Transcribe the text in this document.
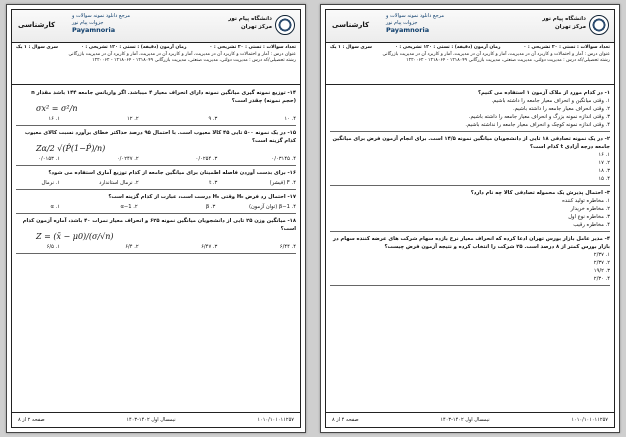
کارشناسی
مرجع دانلود نمونه سوالات و جزوات پیام نور
Payamnoria
دانشگاه پیام نور
مرکز تهران
تعداد سوالات : تستی : ۲۰ تشریحی : ۰
زمان آزمون (دقیقه) : تستی : ۱۲۰ تشریحی : ۰
سری سوال : ۱ یک
عنوان درس : آمار و احتمالات و کاربرد آن در مدیریت، آمار و کاربرد آن در مدیریت، آمار و کاربرد آن در مدیریت بازرگانی
رشته تحصیلی/کد درس : مدیریت دولتی، مدیریت صنعتی، مدیریت بازرگانی ۱۲۱۸۰۴۹ - ۱۲۱۸۰۶۴ - ۱۲۲۰۰۶۲
۱۴- توزیع نمونه گیری میانگین نمونه دارای انحراف معیار ۴ میباشد. اگر واریانس جامعه ۱۴۴ باشد مقدار n (حجم نمونه) چقدر است؟
σx² = σ²/n
۱. ۱۶	۲. ۱۲	۳. ۹	۴. ۱۰
۱۵- در یک نمونه ۵۰۰ تایی ۴۵ کالا معیوب است. با احتمال ۹۵ درصد حداکثر خطای برآورد نسبت کالای معیوب کدام گزینه است؟
Zα/2 √(P̂(1−P̂)/n)
۱. ۰/۰۱۵۳	۲. ۰/۰۲۴۷	۳. ۰/۰۲۵۴	۴. ۰/۰۳۱۴۵
۱۶- برای بدست آوردن فاصله اطمینان برای میانگین جامعه از کدام توزیع آماری استفاده می شود؟
۱. نرمال	۲. نرمال استاندارد	۳. t	۴. F (فیشر)
۱۷- احتمال رد فرض H₀ وقتی H₀ درست است، عبارت از کدام گزینه است؟
۱. α	۲. 1−α	۳. β	۴. 1−β (توان آزمون)
۱۸- میانگین وزن ۲۵ تایی از دانشجویان میانگین نمونه ۶۲۵ و انحراف معیار نمرات ۴۰ باشد، آماره آزمون کدام است؟
Z = (x̄ − μ0)/(σ/√n)
۱. ۶/۵	۲. ۶/۴	۳. ۶/۴۷	۴. ۶/۴۴
۱۰۱۰/۱۰۱۰۱۱۲۵۷
نیمسال اول ۱۴۰۲-۱۴۰۳
صفحه ۲ از ۸
کارشناسی
مرجع دانلود نمونه سوالات و جزوات پیام نور
Payamnoria
دانشگاه پیام نور
مرکز تهران
تعداد سوالات : تستی : ۲۰ تشریحی : ۰
زمان آزمون (دقیقه) : تستی : ۱۲۰ تشریحی : ۰
سری سوال : ۱ یک
عنوان درس : آمار و احتمالات و کاربرد آن در مدیریت، آمار و کاربرد آن در مدیریت، آمار و کاربرد آن در مدیریت بازرگانی
رشته تحصیلی/کد درس : مدیریت دولتی، مدیریت صنعتی، مدیریت بازرگانی ۱۲۱۸۰۴۹ - ۱۲۱۸۰۶۴ - ۱۲۲۰۰۶۲
۱- در کدام مورد از ملاک آزمون ۱ استفاده می کنیم؟
۱. وقتی میانگین و انحراف معیار جامعه را داشته باشیم.
۲. وقتی انحراف معیار جامعه را داشته باشیم.
۳. وقتی اندازه نمونه بزرگ و انحراف معیار جامعه را داشته باشیم.
۴. وقتی اندازه نمونه کوچک و انحراف معیار جامعه را نداشته باشیم.
۲- در یک نمونه تصادفی ۱۸ تایی از دانشجویان میانگین نمونه ۱۴/۵ است. برای انجام آزمون فرض برای میانگین جامعه درجه آزادی t کدام است؟
۱. ۱۶
۲. ۱۷
۳. ۱۸
۴. ۱۵
۳- احتمال پذیرش یک محموله تصادفی کالا چه نام دارد؟
۱. مخاطره تولید کننده
۲. مخاطره خریدار
۳. مخاطره نوع اول
۴. مخاطره رقیب
۴- مدیر عامل بازار بورس تهران ادعا کرده که انحراف معیار نرخ بازده سهام شرکت های عرضه کننده سهام در بازار بورس کمتر از ۸ درصد است. ۲۵ شرکت را انتخاب کرده و نتیجه آزمون فرض چیست؟
۱. ۲/۳۷
۲. ۲/۳۷
۳. ۱۹/۲
۴. ۲/۳۰
۱۰۱۰/۱۰۱۰۱۱۲۵۷
نیمسال اول ۱۴۰۲-۱۴۰۳
صفحه ۴ از ۸
